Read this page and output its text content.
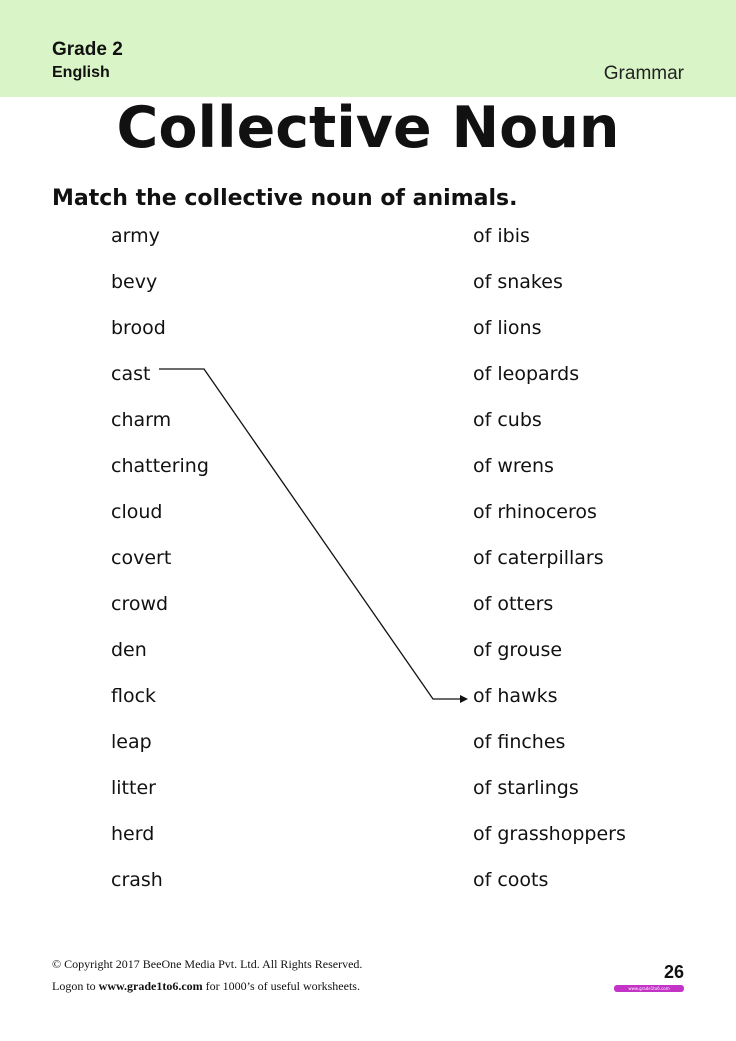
Grade 2
English	Grammar
Collective Noun
Match the collective noun of animals.
army
bevy
brood
cast
charm
chattering
cloud
covert
crowd
den
flock
leap
litter
herd
crash
of ibis
of snakes
of lions
of leopards
of cubs
of wrens
of rhinoceros
of caterpillars
of otters
of grouse
of hawks
of finches
of starlings
of grasshoppers
of coots
© Copyright 2017 BeeOne Media Pvt. Ltd. All Rights Reserved.
Logon to www.grade1to6.com for 1000’s of useful worksheets.
26
www.grade1to6.com
